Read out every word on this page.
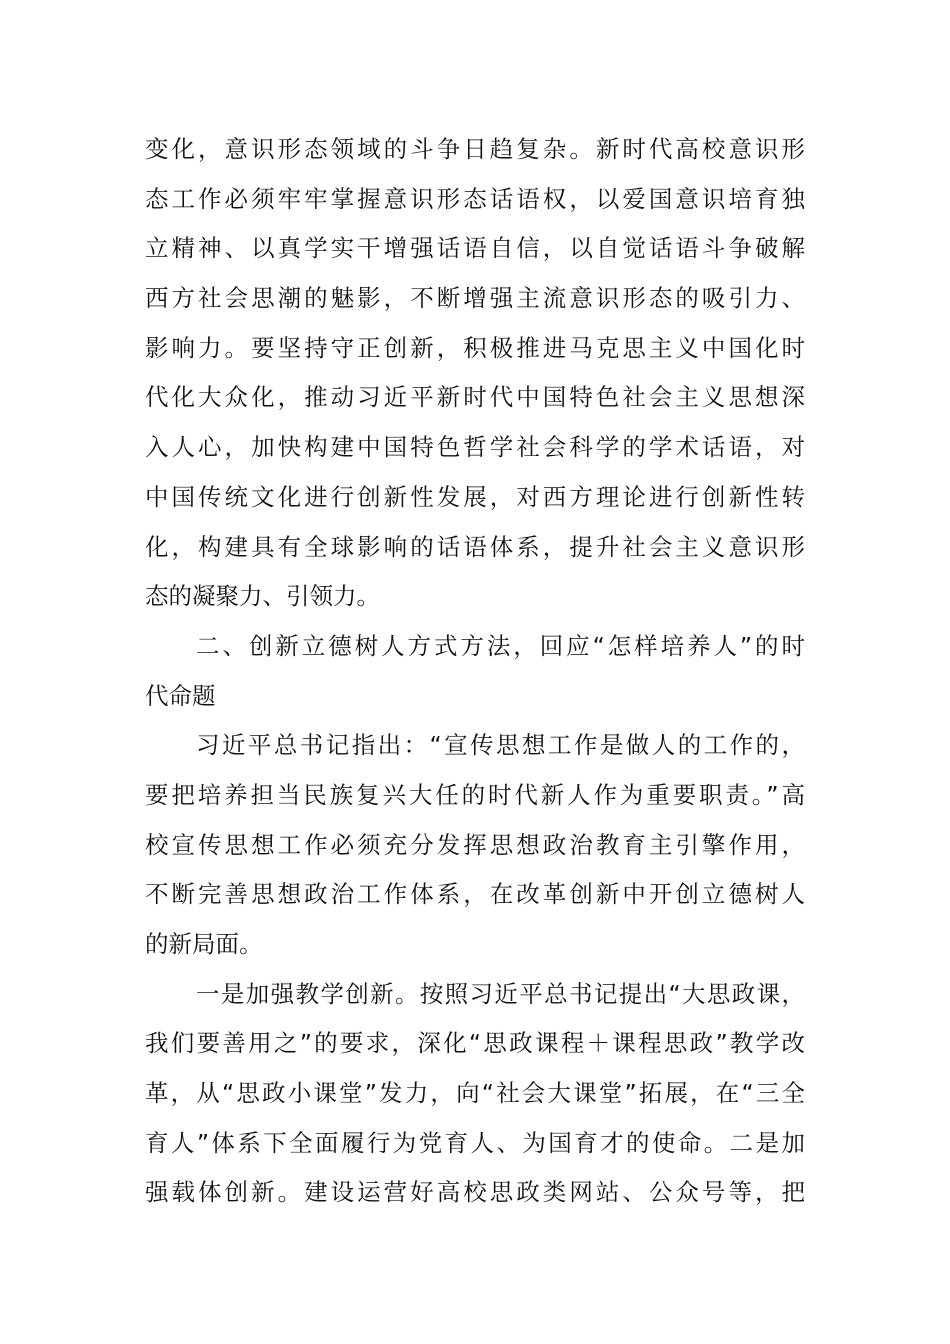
变化，意识形态领域的斗争日趋复杂。新时代高校意识形
态工作必须牢牢掌握意识形态话语权，以爱国意识培育独
立精神、以真学实干增强话语自信，以自觉话语斗争破解
西方社会思潮的魅影，不断增强主流意识形态的吸引力、
影响力。要坚持守正创新，积极推进马克思主义中国化时
代化大众化，推动习近平新时代中国特色社会主义思想深
入人心，加快构建中国特色哲学社会科学的学术话语，对
中国传统文化进行创新性发展，对西方理论进行创新性转
化，构建具有全球影响的话语体系，提升社会主义意识形
态的凝聚力、引领力。
二、创新立德树人方式方法，回应“怎样培养人”的时
代命题
习近平总书记指出：“宣传思想工作是做人的工作的，
要把培养担当民族复兴大任的时代新人作为重要职责。”高
校宣传思想工作必须充分发挥思想政治教育主引擎作用，
不断完善思想政治工作体系，在改革创新中开创立德树人
的新局面。
一是加强教学创新。按照习近平总书记提出“大思政课，
我们要善用之”的要求，深化“思政课程＋课程思政”教学改
革，从“思政小课堂”发力，向“社会大课堂”拓展，在“三全
育人”体系下全面履行为党育人、为国育才的使命。二是加
强载体创新。建设运营好高校思政类网站、公众号等，把
